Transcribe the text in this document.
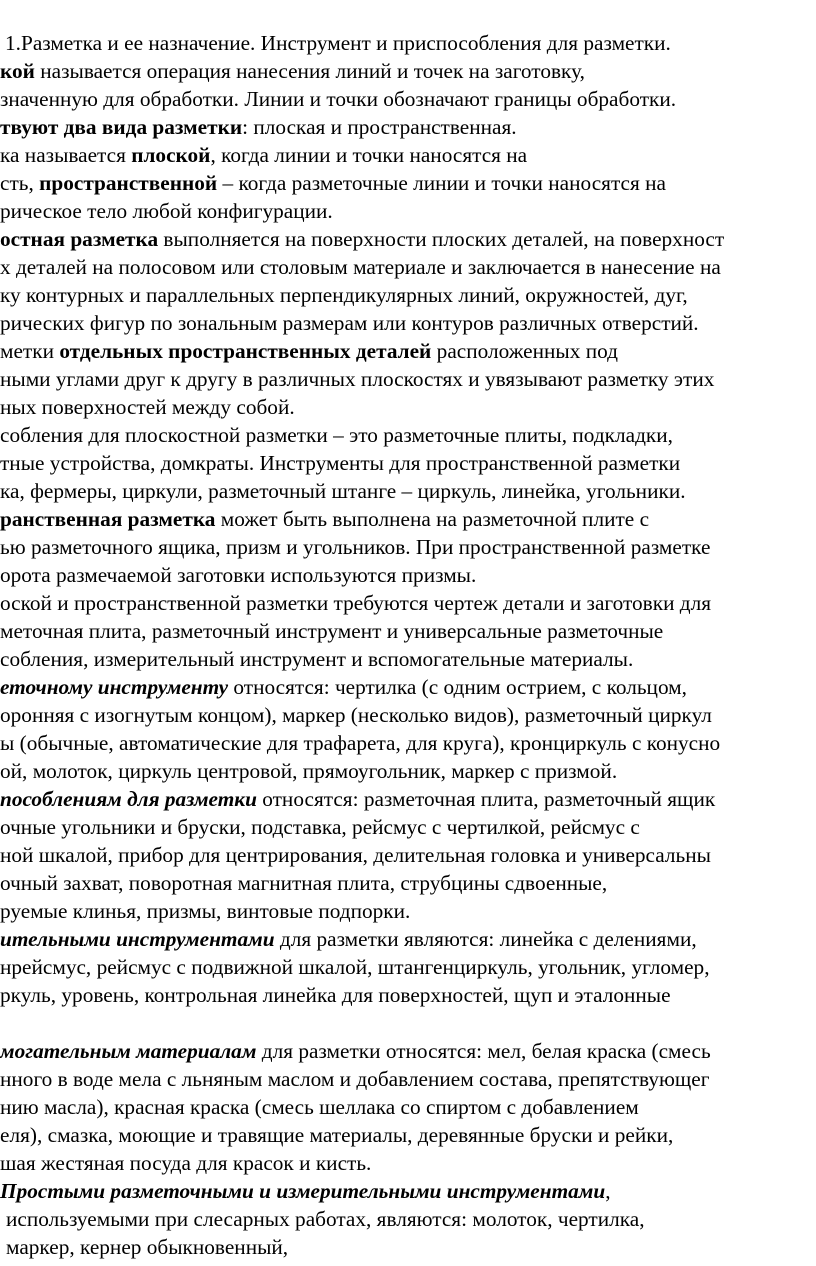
1.Разметка и ее назначение. Инструмент и приспособления для разметки.
кой называется операция нанесения линий и точек на заготовку,
значенную для обработки. Линии и точки обозначают границы обработки.
твуют два вида разметки: плоская и пространственная.
ка называется плоской, когда линии и точки наносятся на
сть, пространственной – когда разметочные линии и точки наносятся на
рическое тело любой конфигурации.
остная разметка выполняется на поверхности плоских деталей, на поверхност
х деталей на полосовом или столовым материале и заключается в нанесение на
ку контурных и параллельных перпендикулярных линий, окружностей, дуг,
рических фигур по зональным размерам или контуров различных отверстий.
метки отдельных пространственных деталей расположенных под
ными углами друг к другу в различных плоскостях и увязывают разметку этих
ных поверхностей между собой.
собления для плоскостной разметки – это разметочные плиты, подкладки,
тные устройства, домкраты. Инструменты для пространственной разметки
ка, фермеры, циркули, разметочный штанге – циркуль, линейка, угольники.
ранственная разметка может быть выполнена на разметочной плите с
ью разметочного ящика, призм и угольников. При пространственной разметке
орота размечаемой заготовки используются призмы.
оской и пространственной разметки требуются чертеж детали и заготовки для
меточная плита, разметочный инструмент и универсальные разметочные
собления, измерительный инструмент и вспомогательные материалы.
еточному инструменту относятся: чертилка (с одним острием, с кольцом,
оронняя с изогнутым концом), маркер (несколько видов), разметочный циркул
ы (обычные, автоматические для трафарета, для круга), кронциркуль с конусно
ой, молоток, циркуль центровой, прямоугольник, маркер с призмой.
пособлениям для разметки относятся: разметочная плита, разметочный ящик
очные угольники и бруски, подставка, рейсмус с чертилкой, рейсмус с
ной шкалой, прибор для центрирования, делительная головка и универсальны
очный захват, поворотная магнитная плита, струбцины сдвоенные,
руемые клинья, призмы, винтовые подпорки.
ительными инструментами для разметки являются: линейка с делениями,
нрейсмус, рейсмус с подвижной шкалой, штангенциркуль, угольник, угломер,
ркуль, уровень, контрольная линейка для поверхностей, щуп и эталонные
могательным материалам для разметки относятся: мел, белая краска (смесь
нного в воде мела с льняным маслом и добавлением состава, препятствующег
нию масла), красная краска (смесь шеллака со спиртом с добавлением
еля), смазка, моющие и травящие материалы, деревянные бруски и рейки,
шая жестяная посуда для красок и кисть.
Простыми разметочными и измерительными инструментами,
используемыми при слесарных работах, являются: молоток, чертилка,
маркер, кернер обыкновенный,
